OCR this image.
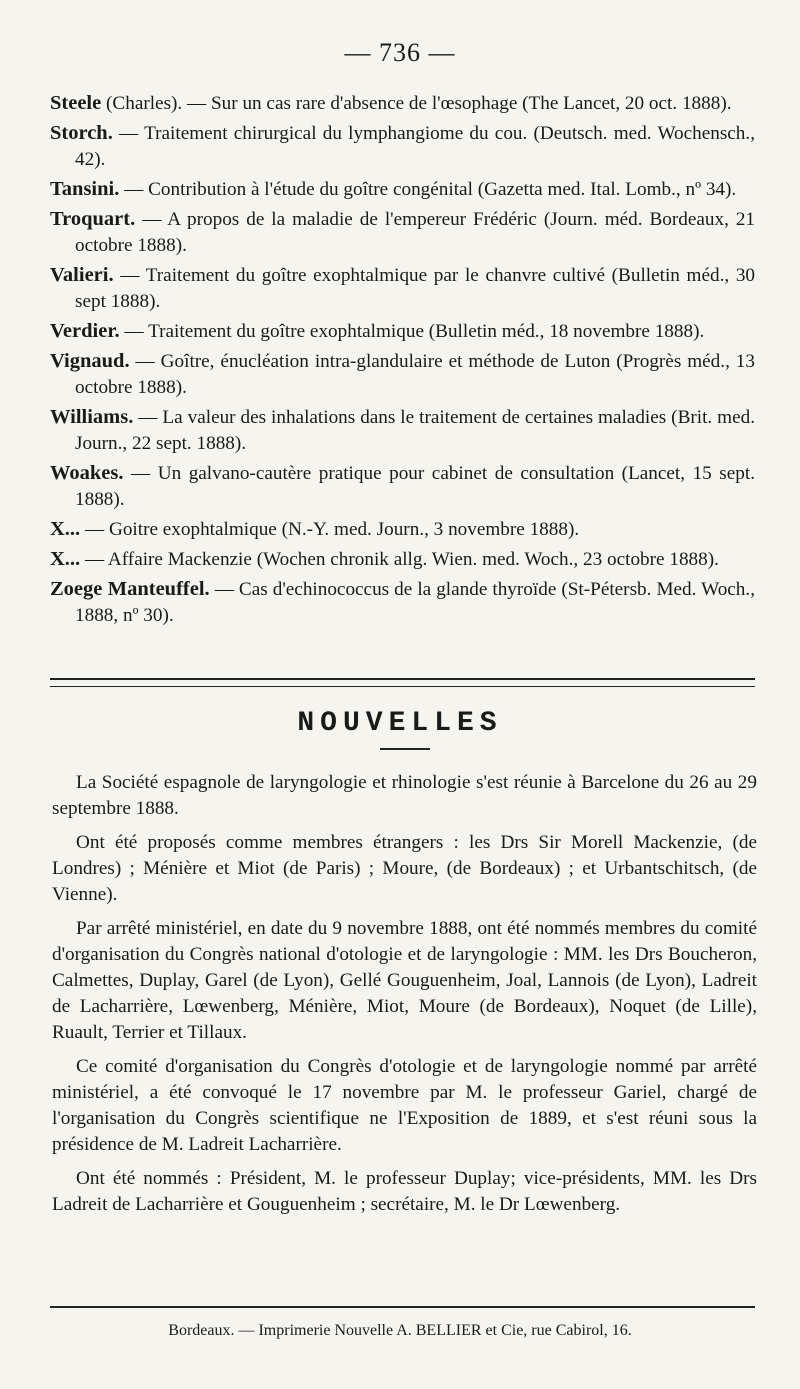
— 736 —

Steele (Charles). — Sur un cas rare d'absence de l'œsophage (The Lancet, 20 oct. 1888).

Storch. — Traitement chirurgical du lymphangiome du cou. (Deutsch. med. Wochensch., 42).

Tansini. — Contribution à l'étude du goître congénital (Gazetta med. Ital. Lomb., nº 34).

Troquart. — A propos de la maladie de l'empereur Frédéric (Journ. méd. Bordeaux, 21 octobre 1888).

Valieri. — Traitement du goître exophtalmique par le chanvre cultivé (Bulletin méd., 30 sept 1888).

Verdier. — Traitement du goître exophtalmique (Bulletin méd., 18 novembre 1888).

Vignaud. — Goître, énucléation intra-glandulaire et méthode de Luton (Progrès méd., 13 octobre 1888).

Williams. — La valeur des inhalations dans le traitement de certaines maladies (Brit. med. Journ., 22 sept. 1888).

Woakes. — Un galvano-cautère pratique pour cabinet de consultation (Lancet, 15 sept. 1888).

X... — Goitre exophtalmique (N.-Y. med. Journ., 3 novembre 1888).

X... — Affaire Mackenzie (Wochen chronik allg. Wien. med. Woch., 23 octobre 1888).

Zoege Manteuffel. — Cas d'echinococcus de la glande thyroïde (St-Pétersb. Med. Woch., 1888, nº 30).

NOUVELLES

La Société espagnole de laryngologie et rhinologie s'est réunie à Barcelone du 26 au 29 septembre 1888.

Ont été proposés comme membres étrangers : les Drs Sir Morell Mackenzie, (de Londres) ; Ménière et Miot (de Paris) ; Moure, (de Bordeaux) ; et Urbantschitsch, (de Vienne).

Par arrêté ministériel, en date du 9 novembre 1888, ont été nommés membres du comité d'organisation du Congrès national d'otologie et de laryngologie : MM. les Drs Boucheron, Calmettes, Duplay, Garel (de Lyon), Gellé Gouguenheim, Joal, Lannois (de Lyon), Ladreit de Lacharrière, Lœwenberg, Ménière, Miot, Moure (de Bordeaux), Noquet (de Lille), Ruault, Terrier et Tillaux.

Ce comité d'organisation du Congrès d'otologie et de laryngologie nommé par arrêté ministériel, a été convoqué le 17 novembre par M. le professeur Gariel, chargé de l'organisation du Congrès scientifique ne l'Exposition de 1889, et s'est réuni sous la présidence de M. Ladreit Lacharrière.

Ont été nommés : Président, M. le professeur Duplay; vice-présidents, MM. les Drs Ladreit de Lacharrière et Gouguenheim ; secrétaire, M. le Dr Lœwenberg.

Bordeaux. — Imprimerie Nouvelle A. BELLIER et Cie, rue Cabirol, 16.
